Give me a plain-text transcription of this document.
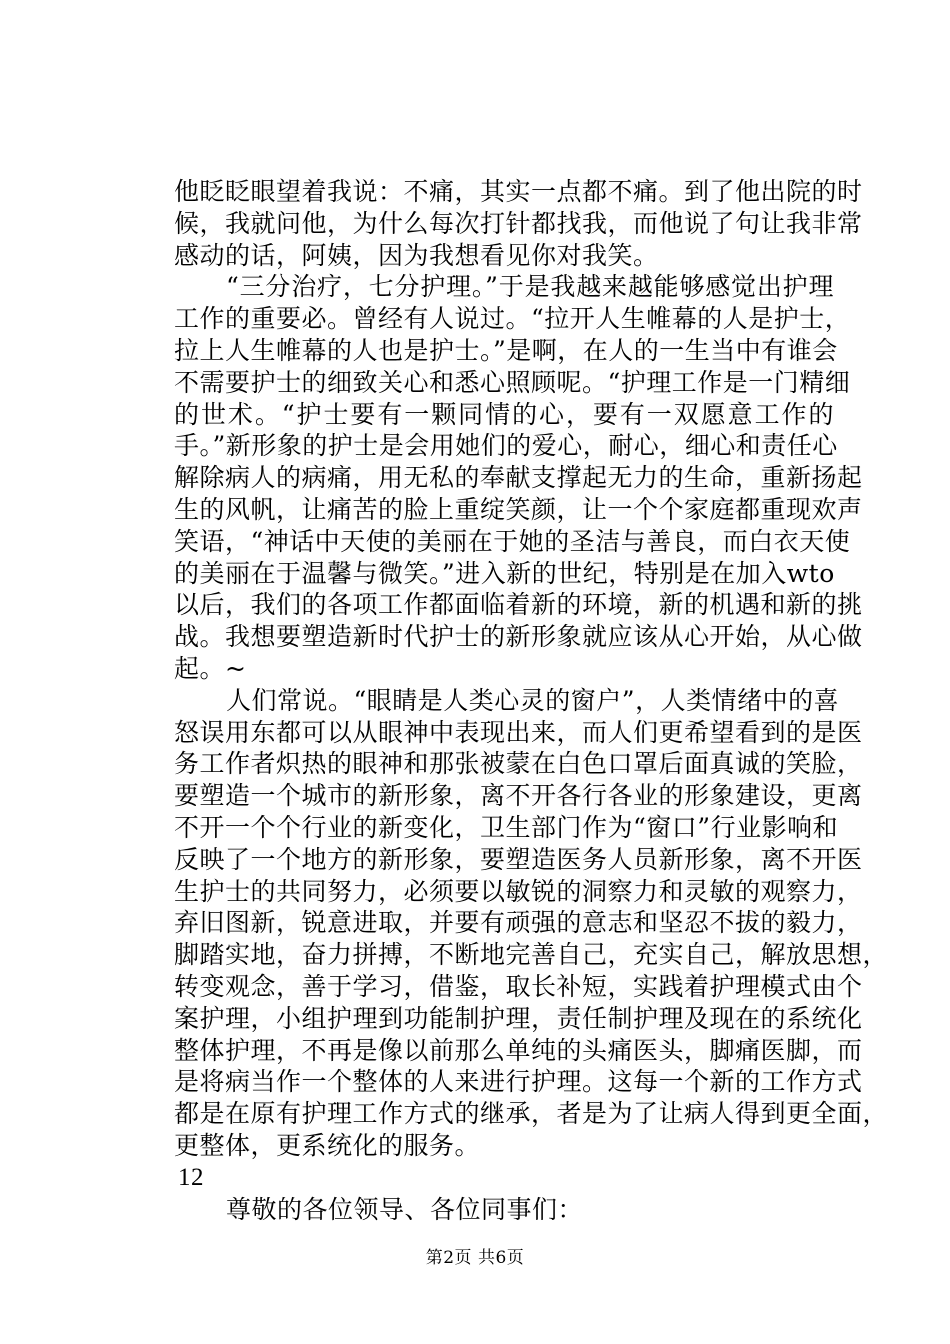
他眨眨眼望着我说：不痛，其实一点都不痛。到了他出院的时
候，我就问他，为什么每次打针都找我，而他说了句让我非常
感动的话，阿姨，因为我想看见你对我笑。
“三分治疗，七分护理。”于是我越来越能够感觉出护理
工作的重要必。曾经有人说过。“拉开人生帷幕的人是护士，
拉上人生帷幕的人也是护士。”是啊，在人的一生当中有谁会
不需要护士的细致关心和悉心照顾呢。“护理工作是一门精细
的世术。“护士要有一颗同情的心，要有一双愿意工作的
手。”新形象的护士是会用她们的爱心，耐心，细心和责任心
解除病人的病痛，用无私的奉献支撑起无力的生命，重新扬起
生的风帆，让痛苦的脸上重绽笑颜，让一个个家庭都重现欢声
笑语，“神话中天使的美丽在于她的圣洁与善良，而白衣天使
的美丽在于温馨与微笑。”进入新的世纪，特别是在加入wto
以后，我们的各项工作都面临着新的环境，新的机遇和新的挑
战。我想要塑造新时代护士的新形象就应该从心开始，从心做
起。~
人们常说。“眼睛是人类心灵的窗户”，人类情绪中的喜
怒误用东都可以从眼神中表现出来，而人们更希望看到的是医
务工作者炽热的眼神和那张被蒙在白色口罩后面真诚的笑脸，
要塑造一个城市的新形象，离不开各行各业的形象建设，更离
不开一个个行业的新变化，卫生部门作为“窗口”行业影响和
反映了一个地方的新形象，要塑造医务人员新形象，离不开医
生护士的共同努力，必须要以敏锐的洞察力和灵敏的观察力，
弃旧图新，锐意进取，并要有顽强的意志和坚忍不拔的毅力，
脚踏实地，奋力拼搏，不断地完善自己，充实自己，解放思想，
转变观念，善于学习，借鉴，取长补短，实践着护理模式由个
案护理，小组护理到功能制护理，责任制护理及现在的系统化
整体护理，不再是像以前那么单纯的头痛医头，脚痛医脚，而
是将病当作一个整体的人来进行护理。这每一个新的工作方式
都是在原有护理工作方式的继承，者是为了让病人得到更全面，
更整体，更系统化的服务。
12
尊敬的各位领导、各位同事们：
第2页 共6页
